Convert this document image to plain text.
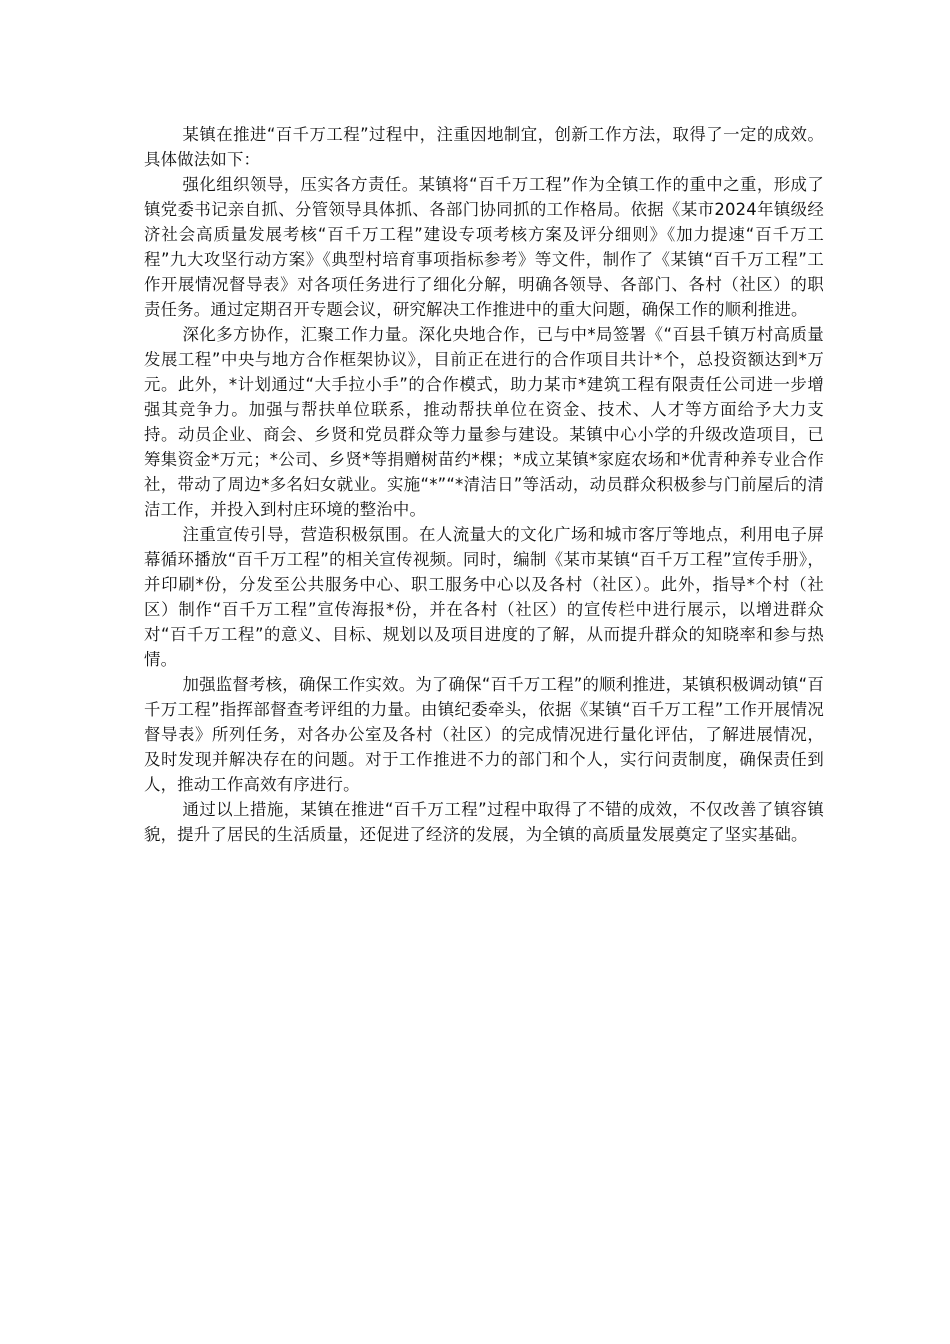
某镇在推进“百千万工程”过程中，注重因地制宜，创新工作方法，取得了一定的成效。具体做法如下：

强化组织领导，压实各方责任。某镇将“百千万工程”作为全镇工作的重中之重，形成了镇党委书记亲自抓、分管领导具体抓、各部门协同抓的工作格局。依据《某市2024年镇级经济社会高质量发展考核“百千万工程”建设专项考核方案及评分细则》《加力提速“百千万工程”九大攻坚行动方案》《典型村培育事项指标参考》等文件，制作了《某镇“百千万工程”工作开展情况督导表》对各项任务进行了细化分解，明确各领导、各部门、各村（社区）的职责任务。通过定期召开专题会议，研究解决工作推进中的重大问题，确保工作的顺利推进。

深化多方协作，汇聚工作力量。深化央地合作，已与中*局签署《“百县千镇万村高质量发展工程”中央与地方合作框架协议》，目前正在进行的合作项目共计*个，总投资额达到*万元。此外，*计划通过“大手拉小手”的合作模式，助力某市*建筑工程有限责任公司进一步增强其竞争力。加强与帮扶单位联系，推动帮扶单位在资金、技术、人才等方面给予大力支持。动员企业、商会、乡贤和党员群众等力量参与建设。某镇中心小学的升级改造项目，已筹集资金*万元；*公司、乡贤*等捐赠树苗约*棵；*成立某镇*家庭农场和*优青种养专业合作社，带动了周边*多名妇女就业。实施“*”“*清洁日”等活动，动员群众积极参与门前屋后的清洁工作，并投入到村庄环境的整治中。

注重宣传引导，营造积极氛围。在人流量大的文化广场和城市客厅等地点，利用电子屏幕循环播放“百千万工程”的相关宣传视频。同时，编制《某市某镇“百千万工程”宣传手册》，并印刷*份，分发至公共服务中心、职工服务中心以及各村（社区）。此外，指导*个村（社区）制作“百千万工程”宣传海报*份，并在各村（社区）的宣传栏中进行展示，以增进群众对“百千万工程”的意义、目标、规划以及项目进度的了解，从而提升群众的知晓率和参与热情。

加强监督考核，确保工作实效。为了确保“百千万工程”的顺利推进，某镇积极调动镇“百千万工程”指挥部督查考评组的力量。由镇纪委牵头，依据《某镇“百千万工程”工作开展情况督导表》所列任务，对各办公室及各村（社区）的完成情况进行量化评估，了解进展情况，及时发现并解决存在的问题。对于工作推进不力的部门和个人，实行问责制度，确保责任到人，推动工作高效有序进行。

通过以上措施，某镇在推进“百千万工程”过程中取得了不错的成效，不仅改善了镇容镇貌，提升了居民的生活质量，还促进了经济的发展，为全镇的高质量发展奠定了坚实基础。
